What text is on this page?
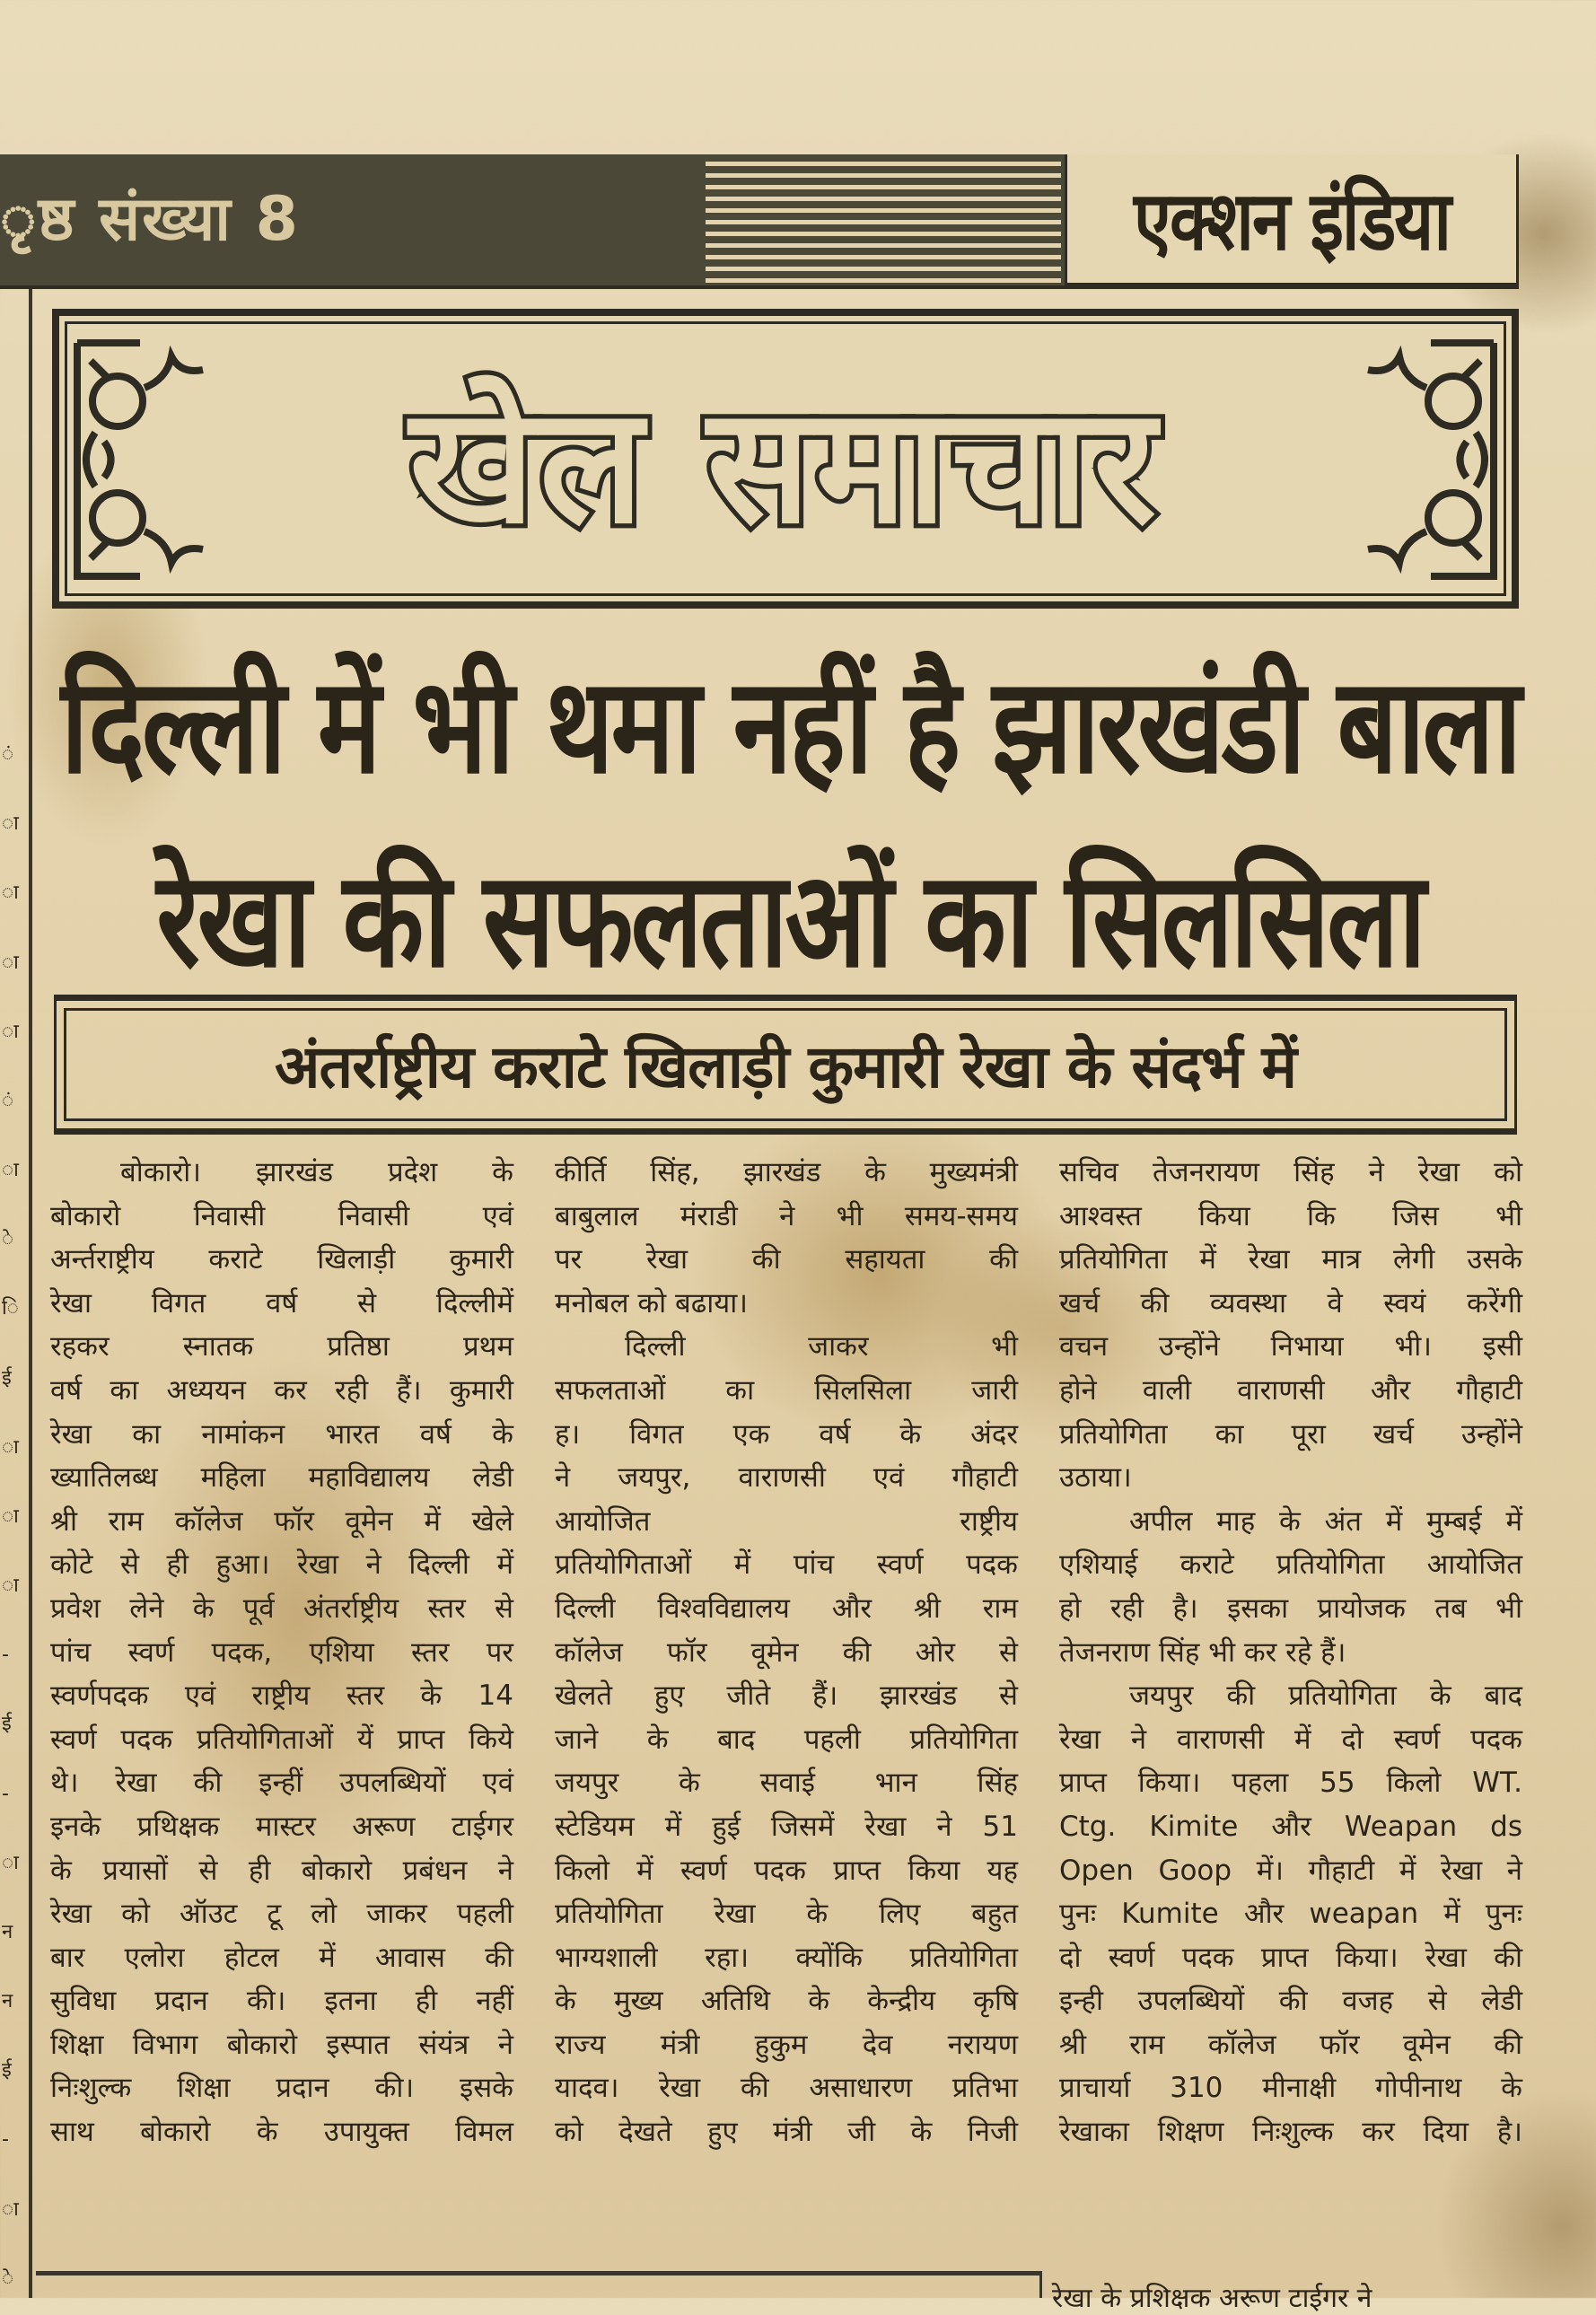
ृष्ठ संख्या 8	एक्शन इंडिया
ं
ा
ा
ा
ा
ं
ा
े
ि
ई
ा
ा
ा
-
ई
-
ा
न
न
ई
-
ा
े
खेल समाचार
दिल्ली में भी थमा नहीं है झारखंडी बाला
रेखा की सफलताओं का सिलसिला
अंतर्राष्ट्रीय कराटे खिलाड़ी कुमारी रेखा के संदर्भ में
बोकारो। झारखंड प्रदेश के
बोकारो निवासी निवासी एवं
अर्न्तराष्ट्रीय कराटे खिलाड़ी कुमारी
रेखा विगत वर्ष से दिल्लीमें
रहकर स्नातक प्रतिष्ठा प्रथम
वर्ष का अध्ययन कर रही हैं। कुमारी
रेखा का नामांकन भारत वर्ष के
ख्यातिलब्ध महिला महाविद्यालय लेडी
श्री राम कॉलेज फॉर वूमेन में खेले
कोटे से ही हुआ। रेखा ने दिल्ली में
प्रवेश लेने के पूर्व अंतर्राष्ट्रीय स्तर से
पांच स्वर्ण पदक, एशिया स्तर पर
स्वर्णपदक एवं राष्ट्रीय स्तर के 14
स्वर्ण पदक प्रतियोगिताओं यें प्राप्त किये
थे। रेखा की इन्हीं उपलब्धियों एवं
इनके प्रथिक्षक मास्टर अरूण टाईगर
के प्रयासों से ही बोकारो प्रबंधन ने
रेखा को ऑउट टू लो जाकर पहली
बार एलोरा होटल में आवास की
सुविधा प्रदान की। इतना ही नहीं
शिक्षा विभाग बोकारो इस्पात संयंत्र ने
निःशुल्क शिक्षा प्रदान की। इसके
साथ बोकारो के उपायुक्त विमल
कीर्ति सिंह, झारखंड के मुख्यमंत्री
बाबुलाल मंराडी ने भी समय-समय
पर रेखा की सहायता की
मनोबल को बढाया।
दिल्ली जाकर भी
सफलताओं का सिलसिला जारी
ह। विगत एक वर्ष के अंदर
ने जयपुर, वाराणसी एवं गौहाटी
आयोजित राष्ट्रीय
प्रतियोगिताओं में पांच स्वर्ण पदक
दिल्ली विश्वविद्यालय और श्री राम
कॉलेज फॉर वूमेन की ओर से
खेलते हुए जीते हैं। झारखंड से
जाने के बाद पहली प्रतियोगिता
जयपुर के सवाई भान सिंह
स्टेडियम में हुई जिसमें रेखा ने 51
किलो में स्वर्ण पदक प्राप्त किया यह
प्रतियोगिता रेखा के लिए बहुत
भाग्यशाली रहा। क्योंकि प्रतियोगिता
के मुख्य अतिथि के केन्द्रीय कृषि
राज्य मंत्री हुकुम देव नरायण
यादव। रेखा की असाधारण प्रतिभा
को देखते हुए मंत्री जी के निजी
सचिव तेजनरायण सिंह ने रेखा को
आश्वस्त किया कि जिस भी
प्रतियोगिता में रेखा मात्र लेगी उसके
खर्च की व्यवस्था वे स्वयं करेंगी
वचन उन्होंने निभाया भी। इसी
होने वाली वाराणसी और गौहाटी
प्रतियोगिता का पूरा खर्च उन्होंने
उठाया।
अपील माह के अंत में मुम्बई में
एशियाई कराटे प्रतियोगिता आयोजित
हो रही है। इसका प्रायोजक तब भी
तेजनराण सिंह भी कर रहे हैं।
जयपुर की प्रतियोगिता के बाद
रेखा ने वाराणसी में दो स्वर्ण पदक
प्राप्त किया। पहला 55 किलो WT.
Ctg. Kimite और Weapan ds
Open Goop में। गौहाटी में रेखा ने
पुनः Kumite और weapan में पुनः
दो स्वर्ण पदक प्राप्त किया। रेखा की
इन्ही उपलब्धियों की वजह से लेडी
श्री राम कॉलेज फॉर वूमेन की
प्राचार्या 310 मीनाक्षी गोपीनाथ के
रेखाका शिक्षण निःशुल्क कर दिया है।
रेखा के प्रशिक्षक अरूण टाईगर ने
